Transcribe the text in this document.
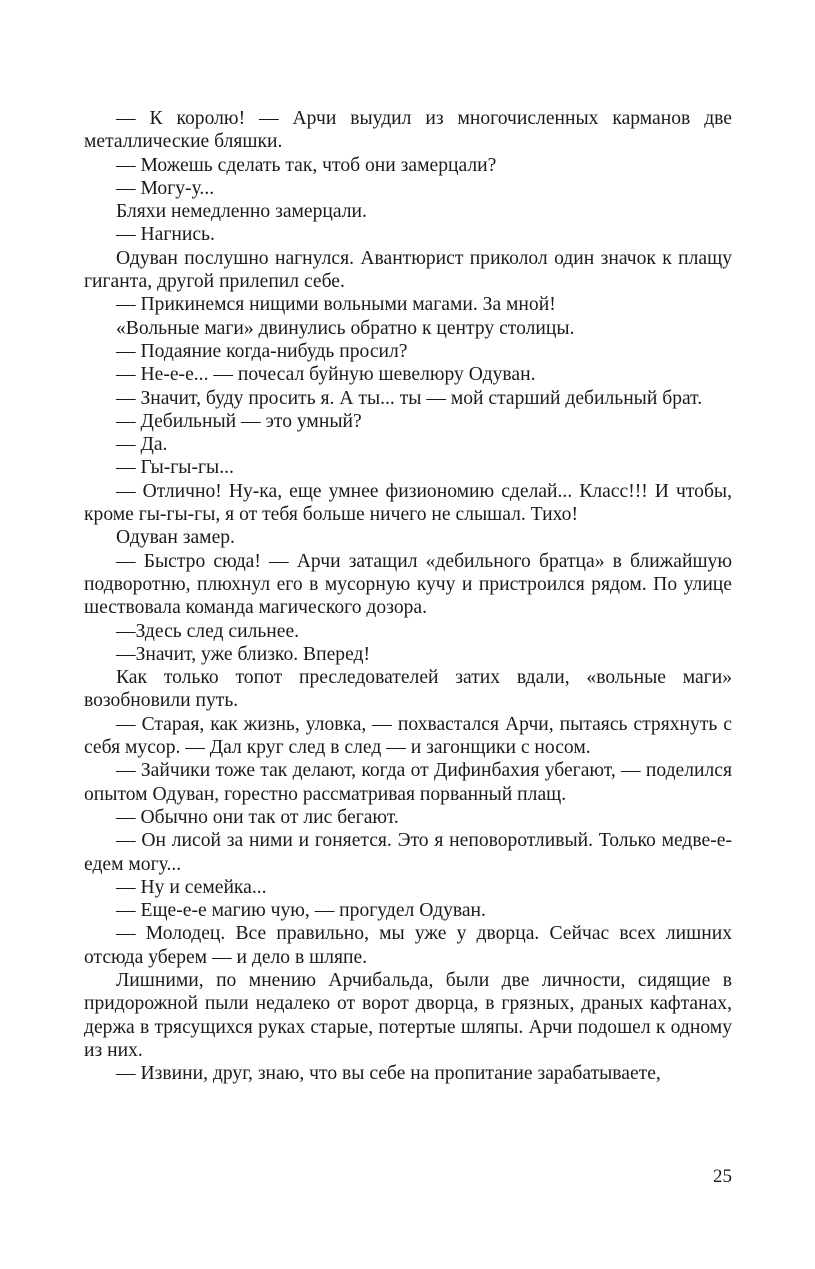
— К королю! — Арчи выудил из многочисленных карманов две металлические бляшки.

— Можешь сделать так, чтоб они замерцали?

— Могу-у...

Бляхи немедленно замерцали.

— Нагнись.

Одуван послушно нагнулся. Авантюрист приколол один значок к плащу гиганта, другой прилепил себе.

— Прикинемся нищими вольными магами. За мной!

«Вольные маги» двинулись обратно к центру столицы.

— Подаяние когда-нибудь просил?

— Не-е-е... — почесал буйную шевелюру Одуван.

— Значит, буду просить я. А ты... ты — мой старший дебильный брат.

— Дебильный — это умный?

— Да.

— Гы-гы-гы...

— Отлично! Ну-ка, еще умнее физиономию сделай... Класс!!! И чтобы, кроме гы-гы-гы, я от тебя больше ничего не слышал. Тихо!

Одуван замер.

— Быстро сюда! — Арчи затащил «дебильного братца» в ближайшую подворотню, плюхнул его в мусорную кучу и пристроился рядом. По улице шествовала команда магического дозора.

—Здесь след сильнее.

—Значит, уже близко. Вперед!

Как только топот преследователей затих вдали, «вольные маги» возобновили путь.

— Старая, как жизнь, уловка, — похвастался Арчи, пытаясь стряхнуть с себя мусор. — Дал круг след в след — и загонщики с носом.

— Зайчики тоже так делают, когда от Дифинбахия убегают, — поделился опытом Одуван, горестно рассматривая порванный плащ.

— Обычно они так от лис бегают.

— Он лисой за ними и гоняется. Это я неповоротливый. Только медве-е-едем могу...

— Ну и семейка...

— Еще-е-е магию чую, — прогудел Одуван.

— Молодец. Все правильно, мы уже у дворца. Сейчас всех лишних отсюда уберем — и дело в шляпе.

Лишними, по мнению Арчибальда, были две личности, сидящие в придорожной пыли недалеко от ворот дворца, в грязных, драных кафтанах, держа в трясущихся руках старые, потертые шляпы. Арчи подошел к одному из них.

— Извини, друг, знаю, что вы себе на пропитание зарабатываете,

25
